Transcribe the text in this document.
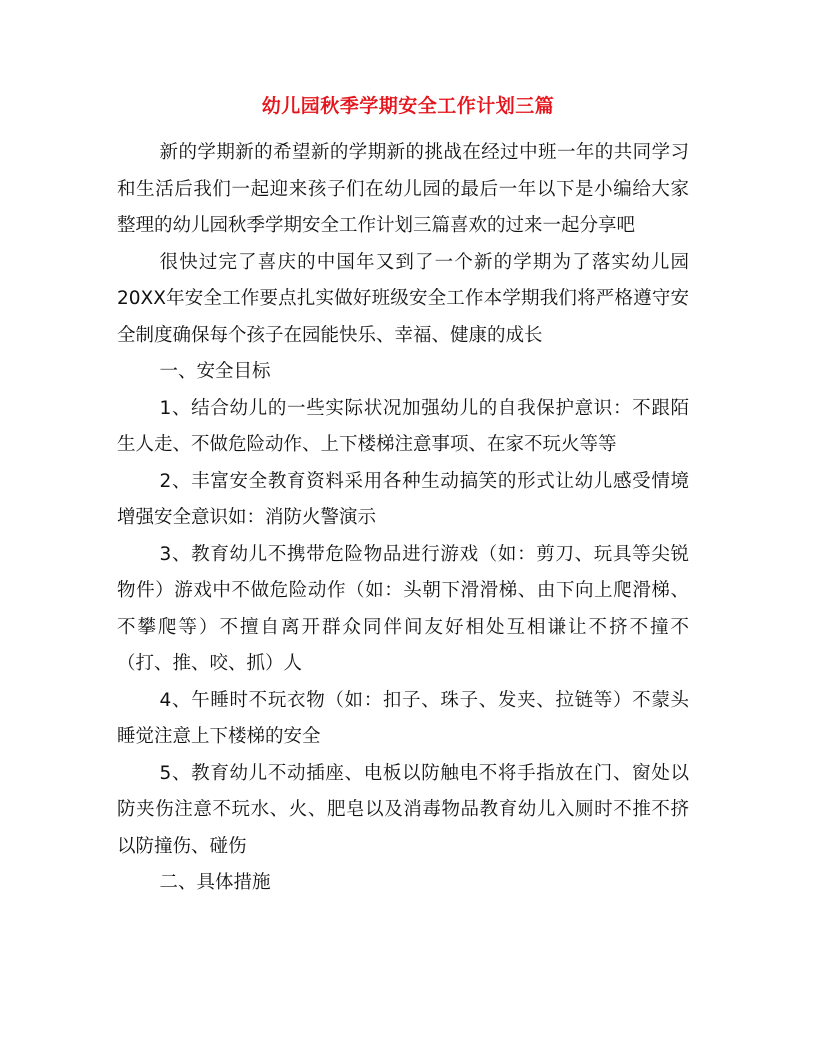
幼儿园秋季学期安全工作计划三篇

新的学期新的希望新的学期新的挑战在经过中班一年的共同学习和生活后我们一起迎来孩子们在幼儿园的最后一年以下是小编给大家整理的幼儿园秋季学期安全工作计划三篇喜欢的过来一起分享吧

很快过完了喜庆的中国年又到了一个新的学期为了落实幼儿园20XX年安全工作要点扎实做好班级安全工作本学期我们将严格遵守安全制度确保每个孩子在园能快乐、幸福、健康的成长

一、安全目标

1、结合幼儿的一些实际状况加强幼儿的自我保护意识：不跟陌生人走、不做危险动作、上下楼梯注意事项、在家不玩火等等

2、丰富安全教育资料采用各种生动搞笑的形式让幼儿感受情境增强安全意识如：消防火警演示

3、教育幼儿不携带危险物品进行游戏（如：剪刀、玩具等尖锐物件）游戏中不做危险动作（如：头朝下滑滑梯、由下向上爬滑梯、不攀爬等）不擅自离开群众同伴间友好相处互相谦让不挤不撞不（打、推、咬、抓）人

4、午睡时不玩衣物（如：扣子、珠子、发夹、拉链等）不蒙头睡觉注意上下楼梯的安全

5、教育幼儿不动插座、电板以防触电不将手指放在门、窗处以防夹伤注意不玩水、火、肥皂以及消毒物品教育幼儿入厕时不推不挤以防撞伤、碰伤

二、具体措施
